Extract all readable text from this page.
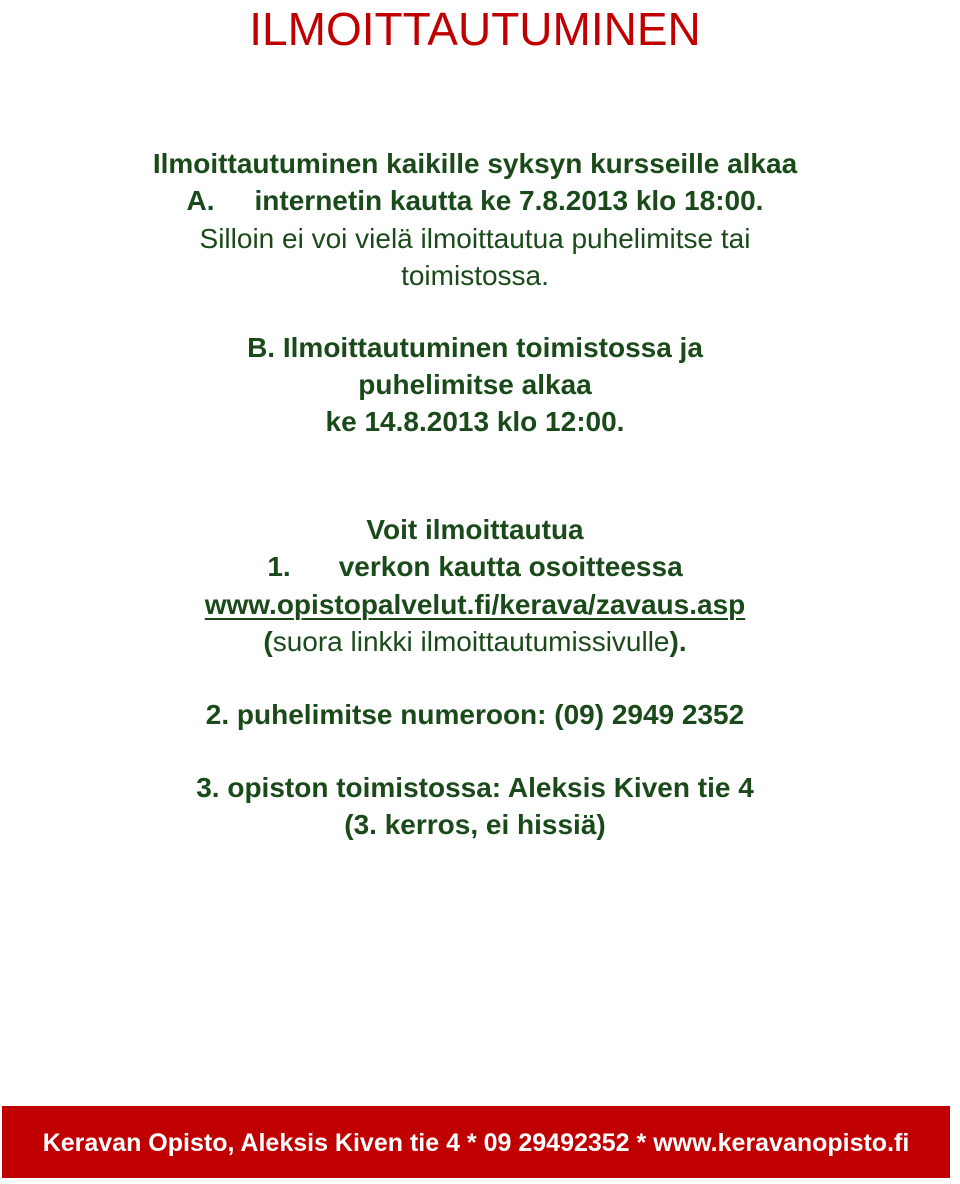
ILMOITTAUTUMINEN
Ilmoittautuminen kaikille syksyn kursseille alkaa
A. internetin kautta ke 7.8.2013 klo 18:00.
Silloin ei voi vielä ilmoittautua puhelimitse tai
toimistossa.
B. Ilmoittautuminen toimistossa ja
puhelimitse alkaa
ke 14.8.2013 klo 12:00.
Voit ilmoittautua
1. verkon kautta osoitteessa
www.opistopalvelut.fi/kerava/zavaus.asp
(suora linkki ilmoittautumissivulle).
2. puhelimitse numeroon: (09) 2949 2352
3. opiston toimistossa: Aleksis Kiven tie 4
(3. kerros, ei hissiä)
Keravan Opisto, Aleksis Kiven tie 4 * 09 29492352 * www.keravanopisto.fi
